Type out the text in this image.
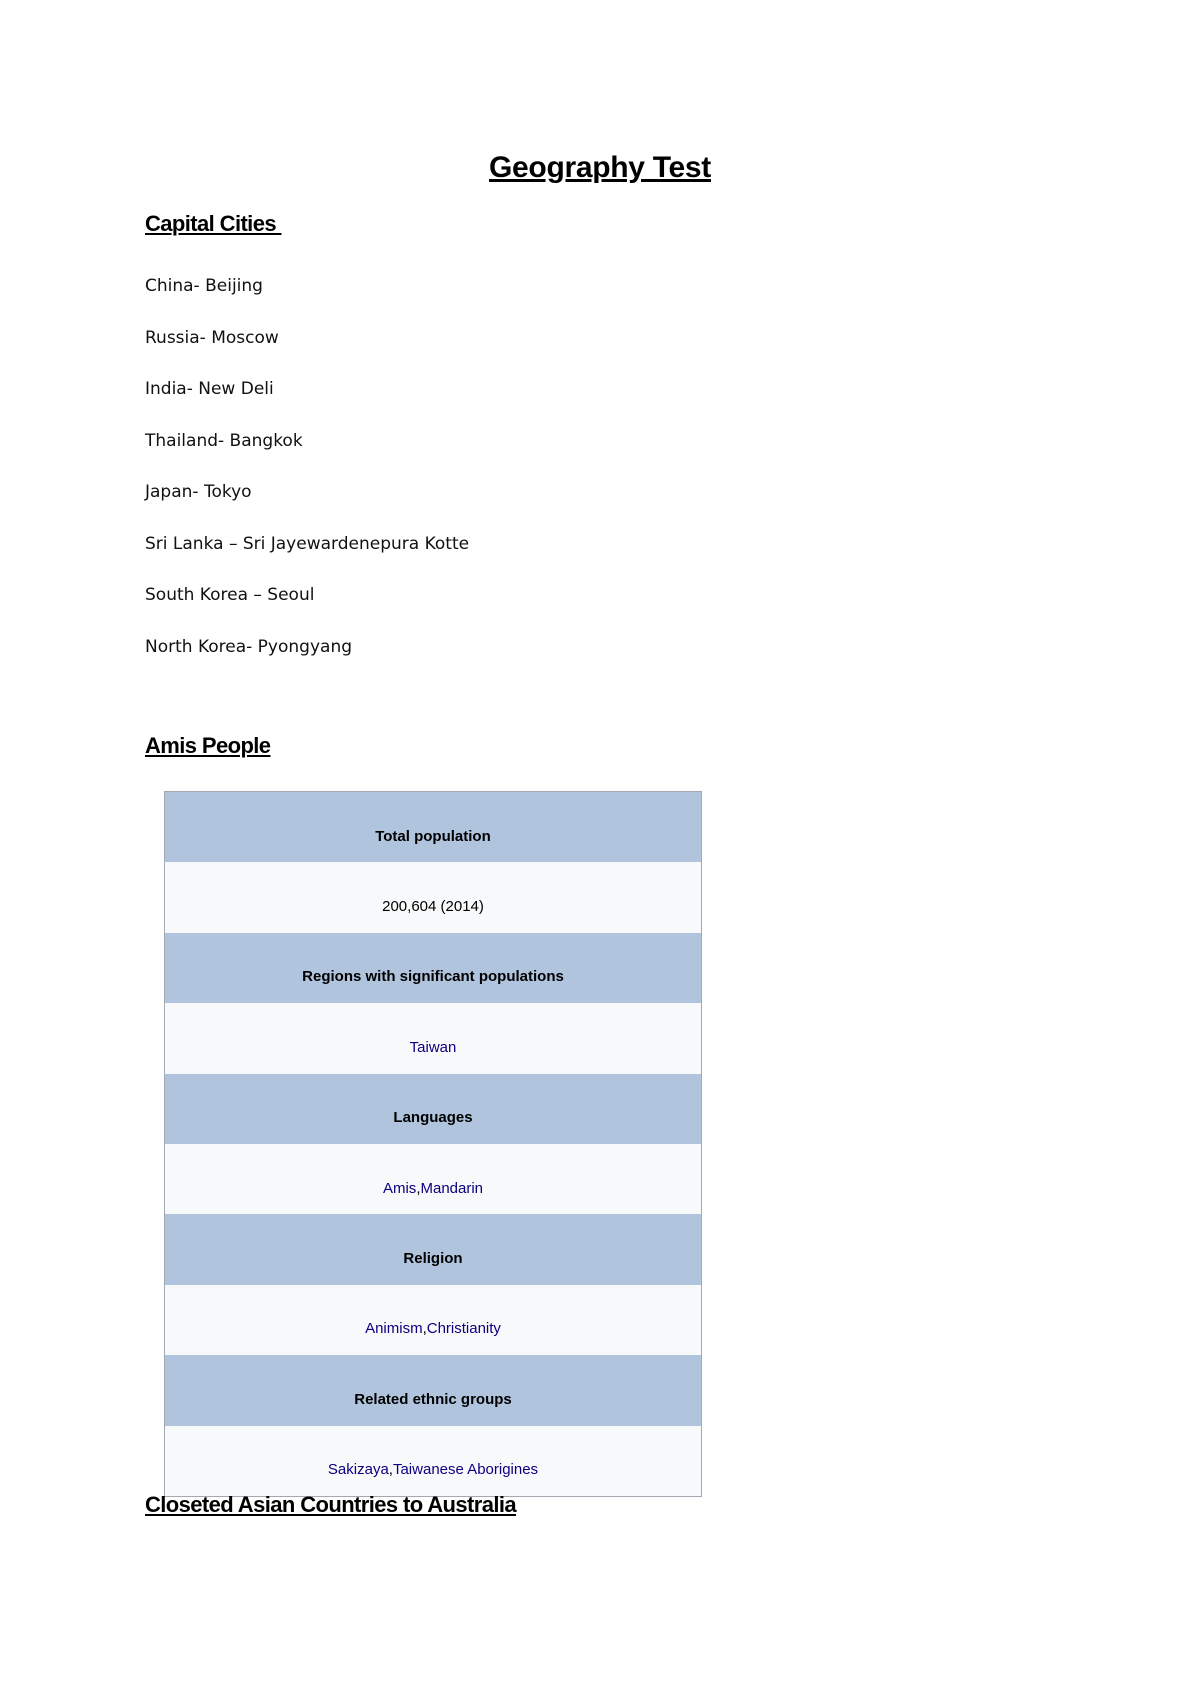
Geography Test
Capital Cities
China- Beijing
Russia- Moscow
India- New Deli
Thailand- Bangkok
Japan- Tokyo
Sri Lanka – Sri Jayewardenepura Kotte
South Korea – Seoul
North Korea- Pyongyang
Amis People
Total population
200,604 (2014)
Regions with significant populations
Taiwan
Languages
Amis , Mandarin
Religion
Animism , Christianity
Related ethnic groups
Sakizaya , Taiwanese Aborigines
Closeted Asian Countries to Australia
